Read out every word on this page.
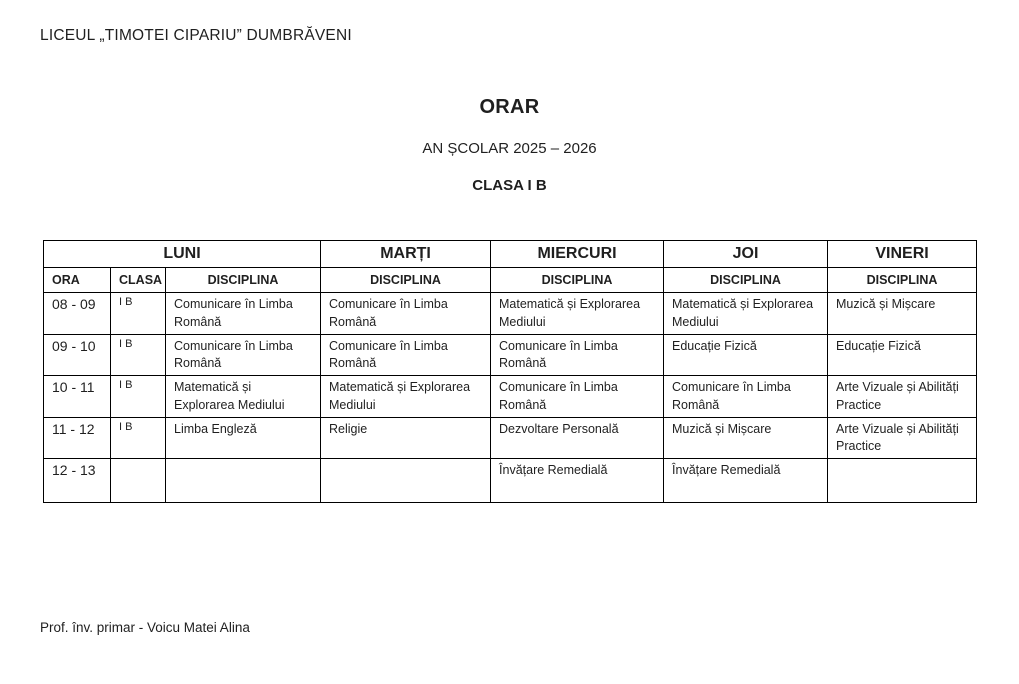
LICEUL „TIMOTEI CIPARIU” DUMBRĂVENI
ORAR
AN ȘCOLAR 2025 – 2026
CLASA I B
LUNI			MARȚI	MIERCURI	JOI	VINERI
ORA	CLASA	DISCIPLINA	DISCIPLINA	DISCIPLINA	DISCIPLINA	DISCIPLINA
08 - 09	I B	Comunicare în Limba Română	Comunicare în Limba Română	Matematică și Explorarea Mediului	Matematică și Explorarea Mediului	Muzică și Mișcare
09 - 10	I B	Comunicare în Limba Română	Comunicare în Limba Română	Comunicare în Limba Română	Educație Fizică	Educație Fizică
10 - 11	I B	Matematică și Explorarea Mediului	Matematică și Explorarea Mediului	Comunicare în Limba Română	Comunicare în Limba Română	Arte Vizuale și Abilități Practice
11 - 12	I B	Limba Engleză	Religie	Dezvoltare Personală	Muzică și Mișcare	Arte Vizuale și Abilități Practice
12 - 13				Învățare Remedială	Învățare Remedială	
Prof. înv. primar - Voicu Matei Alina
